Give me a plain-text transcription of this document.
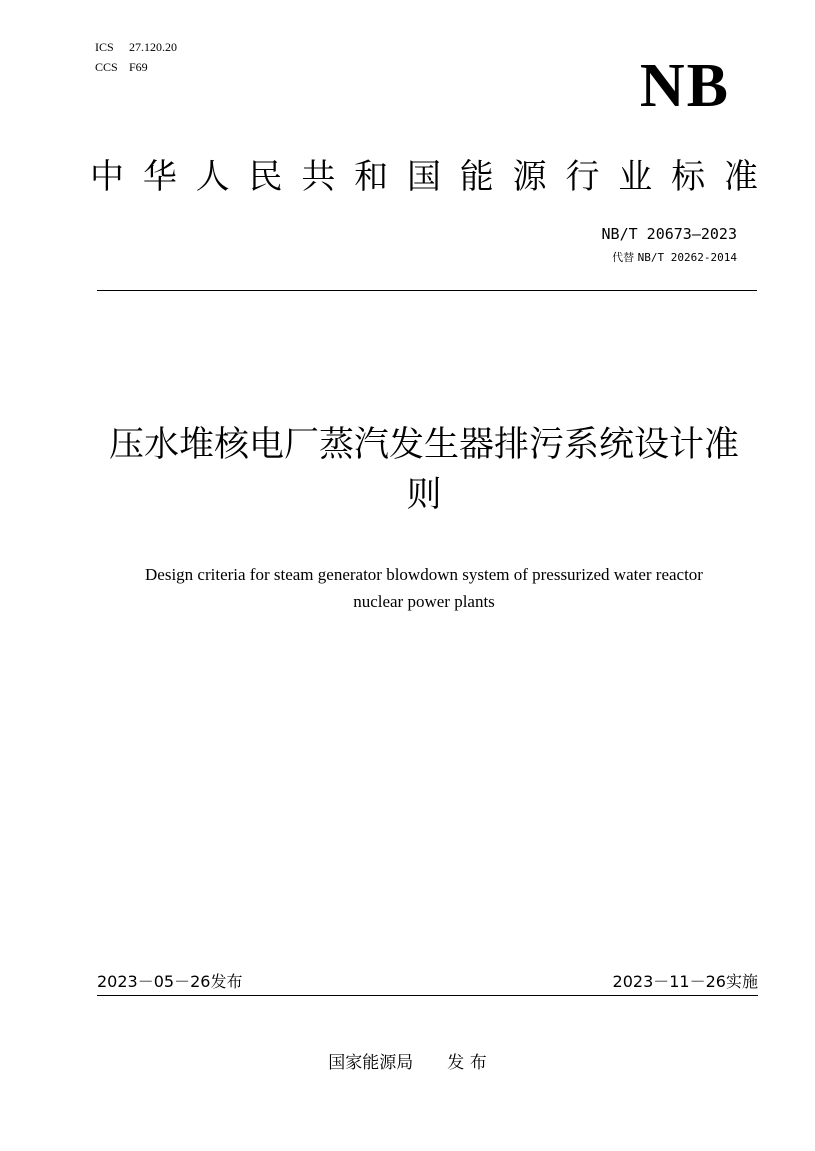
ICS 27.120.20
CCS F69	NB
中 华 人 民 共 和 国 能 源 行 业 标 准
NB/T 20673—2023
代替 NB/T 20262-2014
压水堆核电厂蒸汽发生器排污系统设计准
则
Design criteria for steam generator blowdown system of pressurized water reactor
nuclear power plants
2023－05－26发布	2023－11－26实施
国家能源局 发 布
